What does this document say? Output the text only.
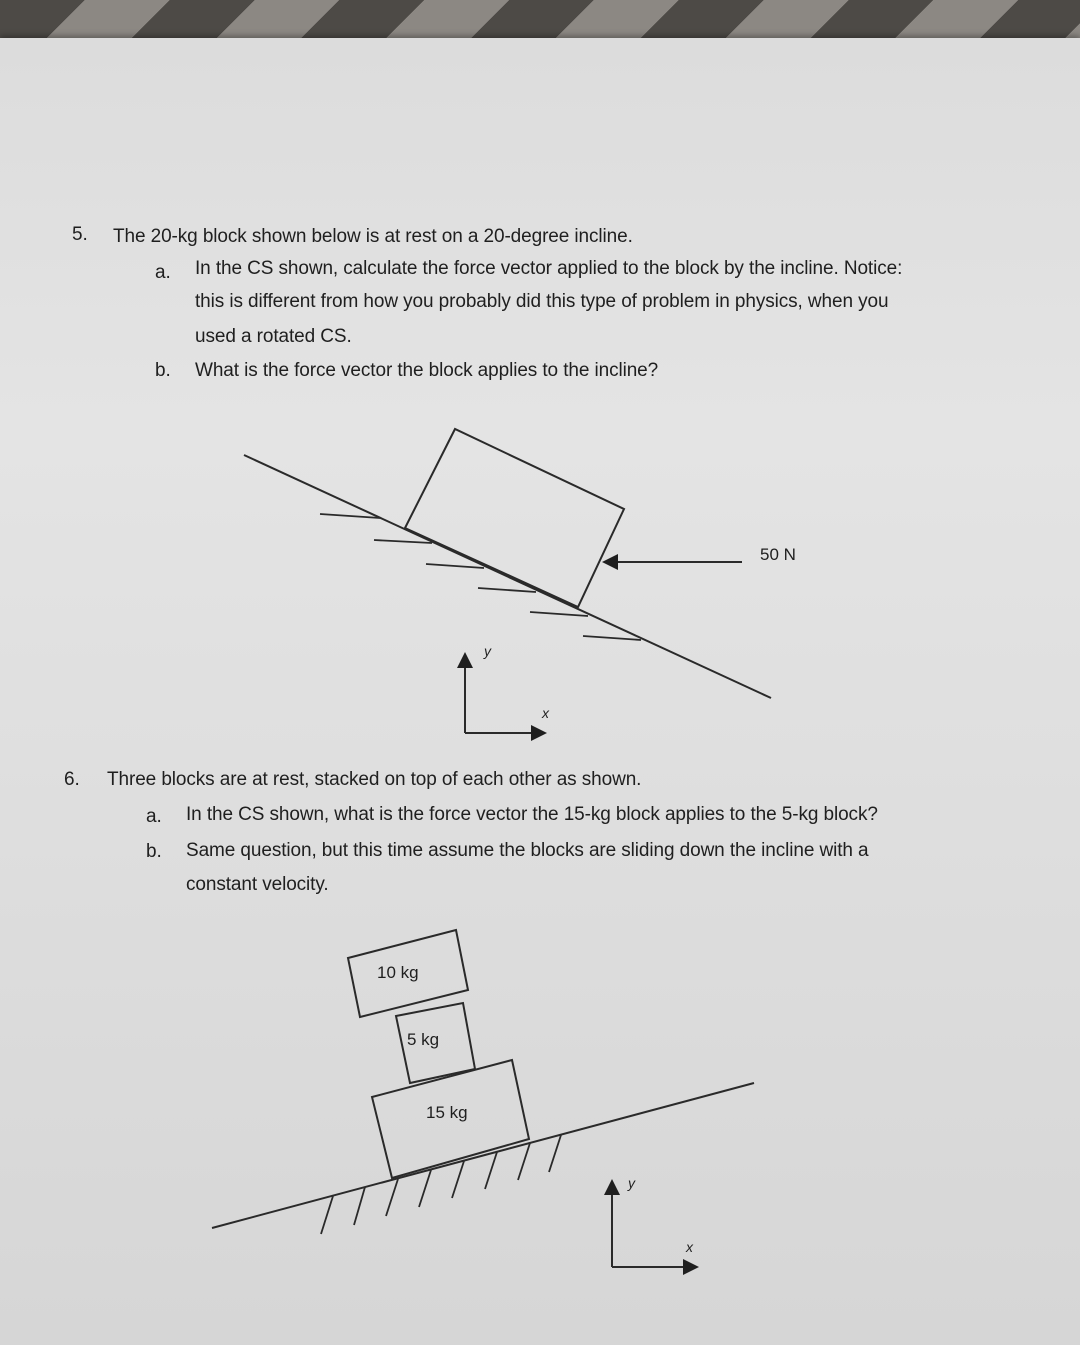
5. The 20-kg block shown below is at rest on a 20-degree incline.
a. In the CS shown, calculate the force vector applied to the block by the incline. Notice:
this is different from how you probably did this type of problem in physics, when you
used a rotated CS.
b. What is the force vector the block applies to the incline?
6. Three blocks are at rest, stacked on top of each other as shown.
a. In the CS shown, what is the force vector the 15-kg block applies to the 5-kg block?
b. Same question, but this time assume the blocks are sliding down the incline with a
constant velocity.
50 N
y
x
10 kg
5 kg
15 kg
y
x
